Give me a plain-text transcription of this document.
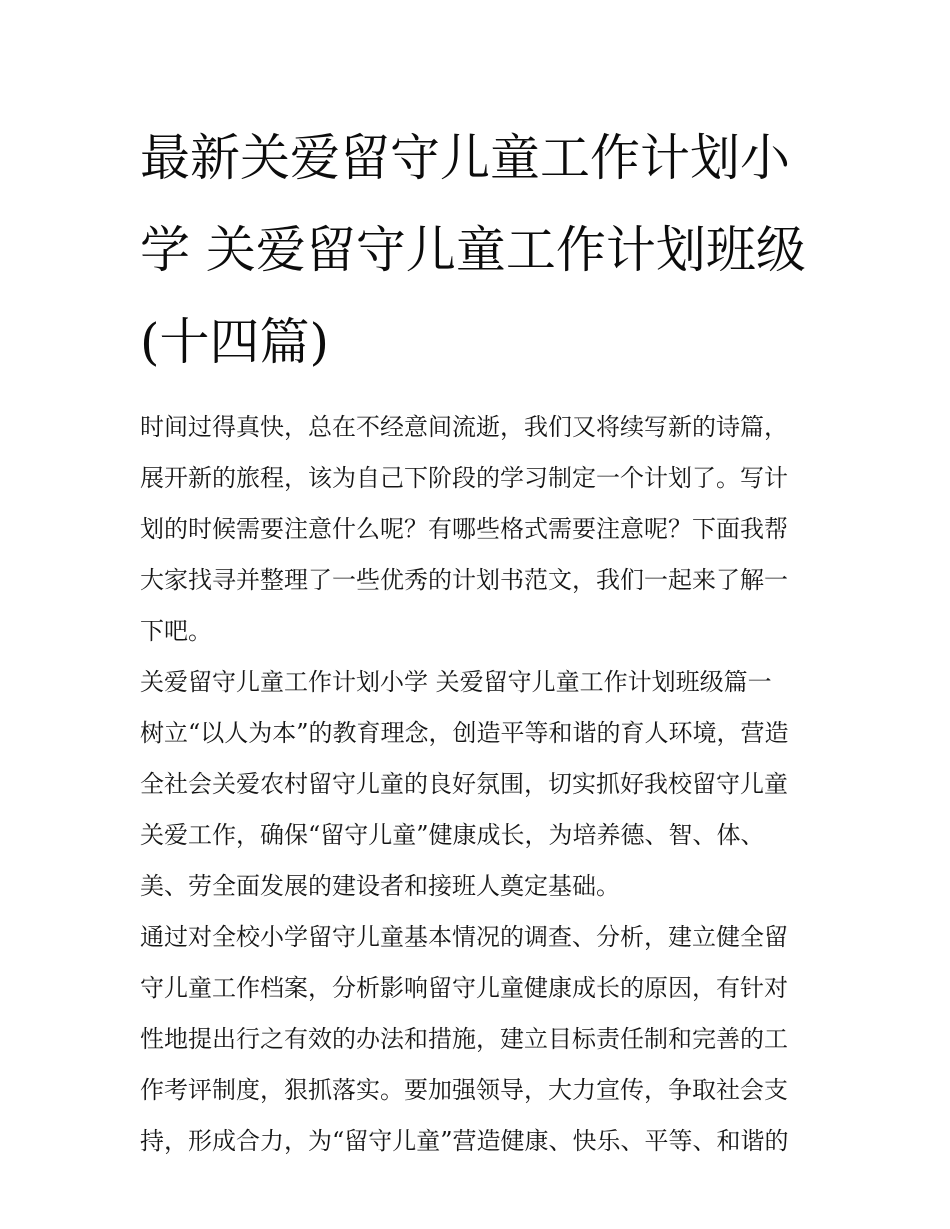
最新关爱留守儿童工作计划小
学 关爱留守儿童工作计划班级
(十四篇)

时间过得真快，总在不经意间流逝，我们又将续写新的诗篇，
展开新的旅程，该为自己下阶段的学习制定一个计划了。写计
划的时候需要注意什么呢？有哪些格式需要注意呢？下面我帮
大家找寻并整理了一些优秀的计划书范文，我们一起来了解一
下吧。

关爱留守儿童工作计划小学 关爱留守儿童工作计划班级篇一

树立“以人为本”的教育理念，创造平等和谐的育人环境，营造
全社会关爱农村留守儿童的良好氛围，切实抓好我校留守儿童
关爱工作，确保“留守儿童”健康成长，为培养德、智、体、
美、劳全面发展的建设者和接班人奠定基础。

通过对全校小学留守儿童基本情况的调查、分析，建立健全留
守儿童工作档案，分析影响留守儿童健康成长的原因，有针对
性地提出行之有效的办法和措施，建立目标责任制和完善的工
作考评制度，狠抓落实。要加强领导，大力宣传，争取社会支
持，形成合力，为“留守儿童”营造健康、快乐、平等、和谐的
